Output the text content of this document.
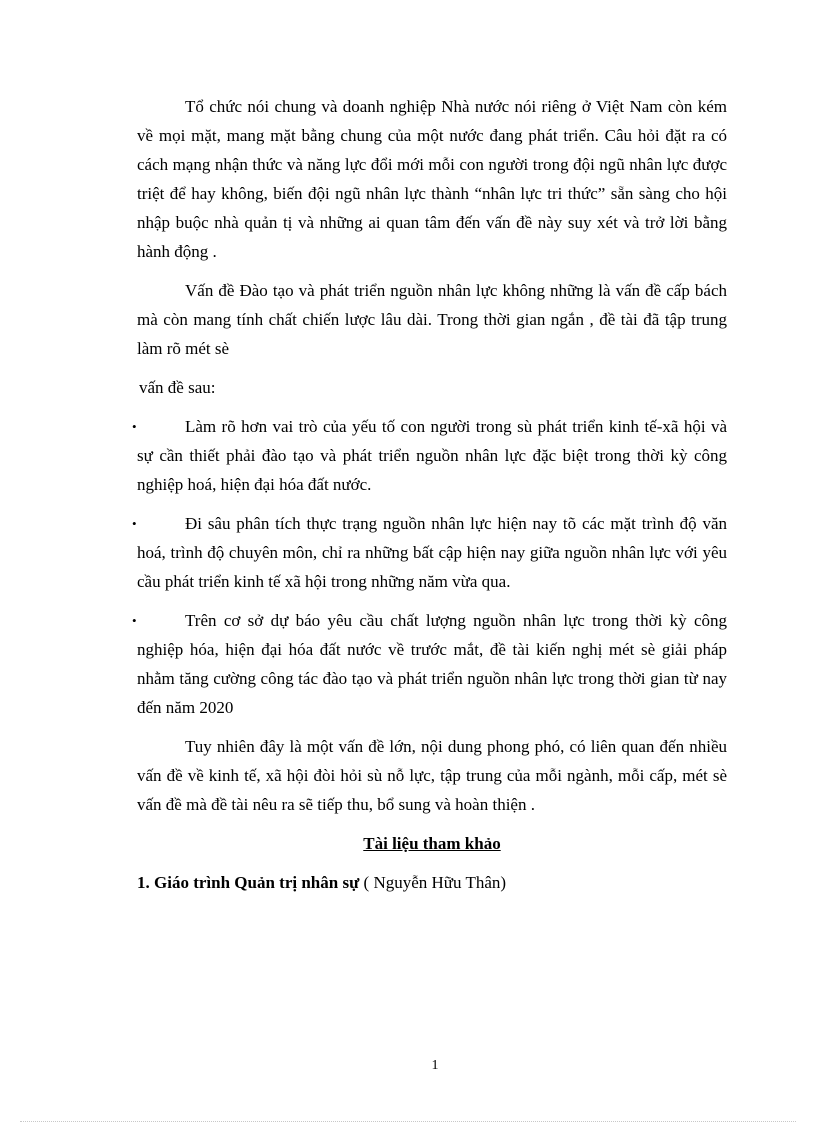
Tổ chức nói chung và doanh nghiệp Nhà nước nói riêng ở Việt Nam còn kém về mọi mặt, mang mặt bằng chung của một nước đang phát triển. Câu hỏi đặt ra có cách mạng nhận thức và năng lực đổi mới mỗi con người trong đội ngũ nhân lực được triệt để hay không, biến đội ngũ nhân lực thành “nhân lực tri thức” sẵn sàng cho hội nhập buộc nhà quản tị và những ai quan tâm đến vấn đề này suy xét và trở lời bằng hành động .

Vấn đề Đào tạo và phát triển nguồn nhân lực không những là vấn đề cấp bách mà còn mang tính chất chiến lược lâu dài. Trong thời gian ngắn , đề tài đã tập trung làm rõ mét sè

vấn đề sau:

•	Làm rõ hơn vai trò của yếu tố con người trong sù phát triển kinh tế-xã hội và sự cần thiết phải đào tạo và phát triển nguồn nhân lực đặc biệt trong thời kỳ công nghiệp hoá, hiện đại hóa đất nước.

•	Đi sâu phân tích thực trạng nguồn nhân lực hiện nay tõ các mặt trình độ văn hoá, trình độ chuyên môn, chỉ ra những bất cập hiện nay giữa nguồn nhân lực với yêu cầu phát triển kinh tế xã hội trong những năm vừa qua.

•	Trên cơ sở dự báo yêu cầu chất lượng nguồn nhân lực trong thời kỳ công nghiệp hóa, hiện đại hóa đất nước về trước mắt, đề tài kiến nghị mét sè giải pháp nhằm tăng cường công tác đào tạo và phát triển nguồn nhân lực trong thời gian từ nay đến năm 2020

Tuy nhiên đây là một vấn đề lớn, nội dung phong phó, có liên quan đến nhiều vấn đề về kinh tế, xã hội đòi hỏi sù nỗ lực, tập trung của mỗi ngành, mỗi cấp, mét sè vấn đề mà đề tài nêu ra sẽ tiếp thu, bổ sung và hoàn thiện .

Tài liệu tham khảo

1. Giáo trình Quản trị nhân sự ( Nguyễn Hữu Thân)

1
